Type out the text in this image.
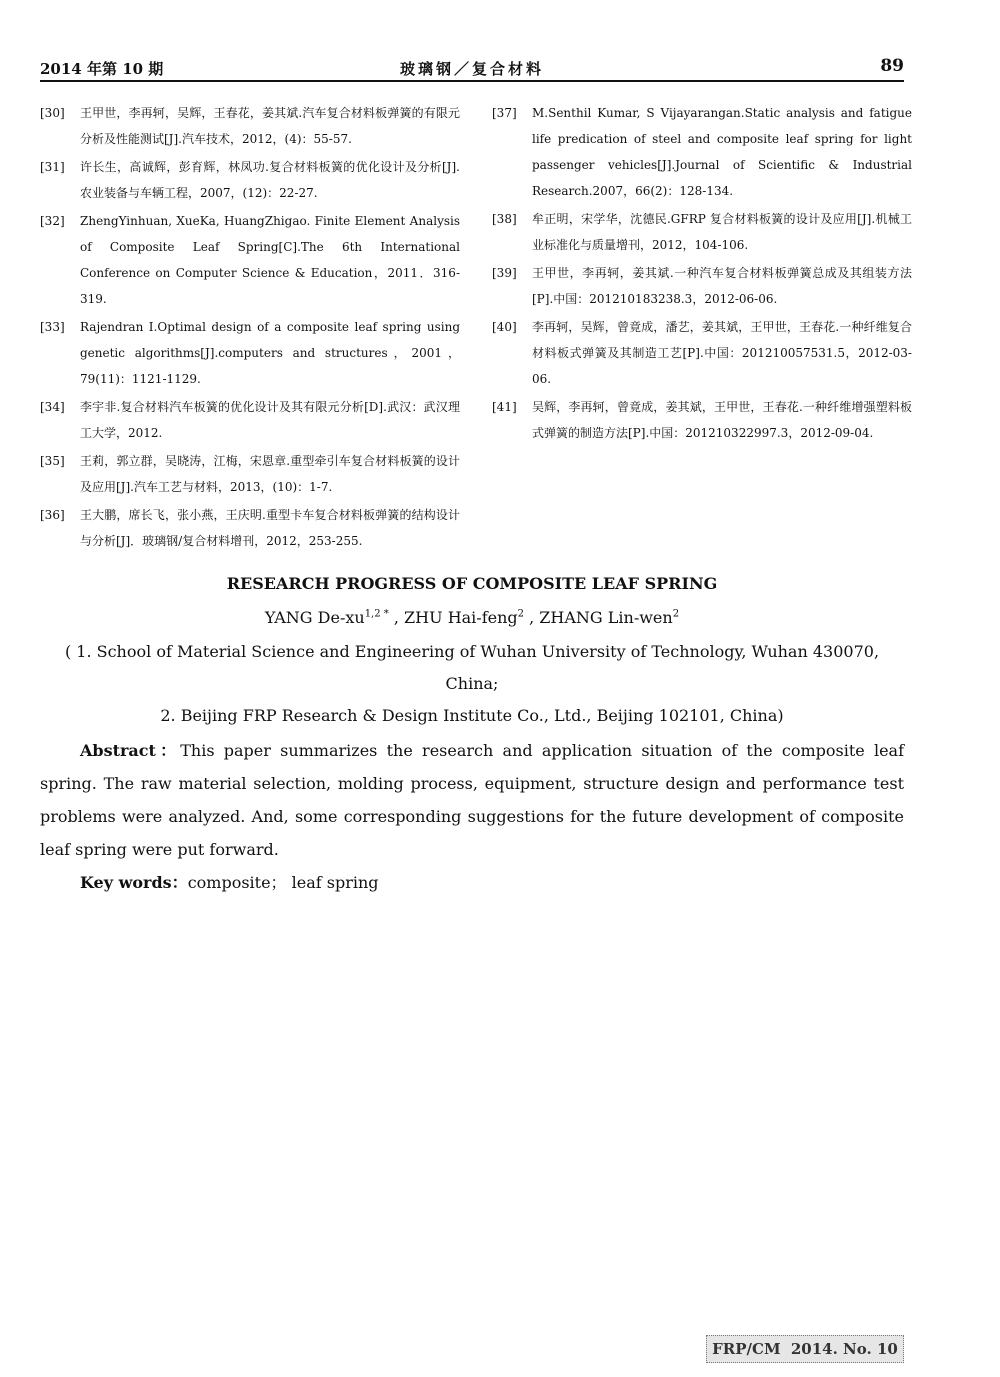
2014 年第 10 期	玻璃钢／复合材料	89
[30]	王甲世，李再轲，吴辉，王春花，姜其斌.汽车复合材料板弹簧的有限元分析及性能测试[J].汽车技术，2012，(4)：55-57.
[31]	许长生，高诚辉，彭育辉，林凤功.复合材料板簧的优化设计及分析[J].农业装备与车辆工程，2007，(12)：22-27.
[32]	ZhengYinhuan, XueKa, HuangZhigao. Finite Element Analysis of Composite Leaf Spring[C].The 6th International Conference on Computer Science & Education，2011．316-319.
[33]	Rajendran I.Optimal design of a composite leaf spring using genetic algorithms[J].computers and structures，2001，79(11)：1121-1129.
[34]	李宇非.复合材料汽车板簧的优化设计及其有限元分析[D].武汉：武汉理工大学，2012.
[35]	王莉，郭立群，吴晓涛，江梅，宋恩章.重型牵引车复合材料板簧的设计及应用[J].汽车工艺与材料，2013，(10)：1-7.
[36]	王大鹏，席长飞，张小燕，王庆明.重型卡车复合材料板弹簧的结构设计与分析[J]．玻璃钢/复合材料增刊，2012，253-255.
[37]	M.Senthil Kumar, S Vijayarangan.Static analysis and fatigue life predication of steel and composite leaf spring for light passenger vehicles[J].Journal of Scientific & Industrial Research.2007，66(2)：128-134.
[38]	牟正明，宋学华，沈德民.GFRP 复合材料板簧的设计及应用[J].机械工业标准化与质量增刊，2012，104-106.
[39]	王甲世，李再轲，姜其斌.一种汽车复合材料板弹簧总成及其组装方法[P].中国：201210183238.3，2012-06-06.
[40]	李再轲，吴辉，曾竟成，潘艺，姜其斌，王甲世，王春花.一种纤维复合材料板式弹簧及其制造工艺[P].中国：201210057531.5，2012-03-06.
[41]	吴辉，李再轲，曾竟成，姜其斌，王甲世，王春花.一种纤维增强塑料板式弹簧的制造方法[P].中国：201210322997.3，2012-09-04.
RESEARCH PROGRESS OF COMPOSITE LEAF SPRING
YANG $De-xu^{1,2 *}$ , ZHU Hai-feng$^2$ , ZHANG Lin-wen$^2$
( 1. School of Material Science and Engineering of Wuhan University of Technology, Wuhan 430070, China;
2. Beijing FRP Research & Design Institute Co., Ltd., Beijing 102101, China)
Abstract：This paper summarizes the research and application situation of the composite leaf spring. The raw material selection, molding process, equipment, structure design and performance test problems were analyzed. And, some corresponding suggestions for the future development of composite leaf spring were put forward.
Key words：composite； leaf spring
FRP/CM 2014. No. 10
